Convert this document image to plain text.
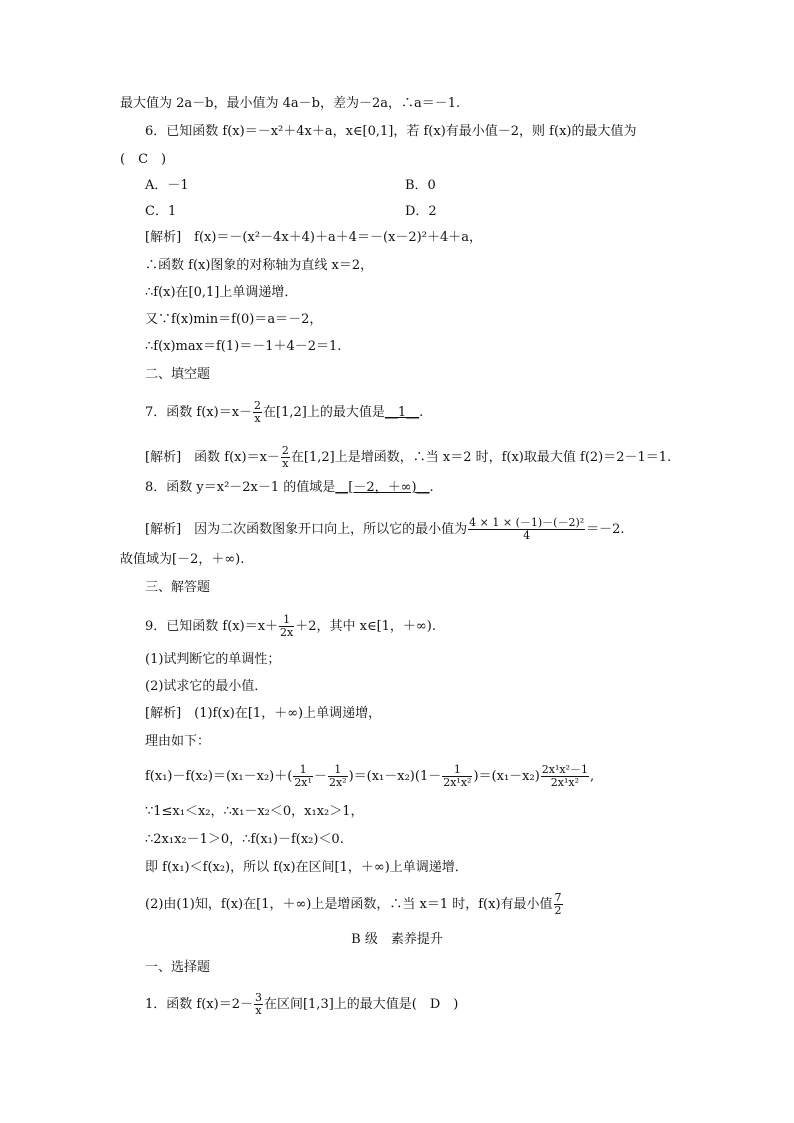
最大值为 2a－b，最小值为 4a－b，差为－2a，∴a＝－1.
6．已知函数 f(x)＝－x²＋4x＋a，x∈[0,1]，若 f(x)有最小值－2，则 f(x)的最大值为
(　C　)
A．－1	B．0
C．1	D．2
[解析]　f(x)＝－(x²－4x＋4)＋a＋4＝－(x－2)²＋4＋a，
∴函数 f(x)图象的对称轴为直线 x＝2，
∴f(x)在[0,1]上单调递增．
又∵f(x)min＝f(0)＝a＝－2，
∴f(x)max＝f(1)＝－1＋4－2＝1.
二、填空题
7．函数 $f(x)=x- \frac{2}{x}$ 在[1,2]上的最大值是__1__.
[解析]　函数 $f(x)=x- \frac{2}{x}$ 在[1,2]上是增函数，∴当 x＝2 时，f(x)取最大值 f(2)＝2－1＝1.
8．函数 y＝x²－2x－1 的值域是__[－2，＋∞)__.
[解析]　因为二次函数图象开口向上，所以它的最小值为 $\frac{\text{4 × 1 × (－1)－(－2)²}}{4} =-2$.
故值域为[－2，＋∞).
三、解答题
9．已知函数 $f(x)=x+ \frac{1}{2x} +2$，其中 x∈[1，＋∞).
(1)试判断它的单调性；
(2)试求它的最小值．
[解析]　(1)f(x)在[1，＋∞)上单调递增，
理由如下：
$f(x_1)-f(x_2)=(x_1-x_2)+( \frac{1}{\text{2x¹}} - \frac{1}{\text{2x²}} )=(x_1-x_2)(1- \frac{1}{\text{2x¹x²}} )=(x_1-x_2) \frac{\text{2x¹x²－1}}{\text{2x¹x²}}$ ,
∵1≤x₁＜x₂，∴x₁－x₂＜0，x₁x₂＞1，
∴2x₁x₂－1＞0，∴f(x₁)－f(x₂)＜0.
即 f(x₁)＜f(x₂)，所以 f(x)在区间[1，＋∞)上单调递增．
(2)由(1)知，f(x)在[1，＋∞)上是增函数，∴当 x＝1 时，f(x)有最小值 $\frac{7}{2}$
B 级　素养提升
一、选择题
1．函数 $f(x)=2- \frac{3}{x}$ 在区间[1,3]上的最大值是(　D　)
